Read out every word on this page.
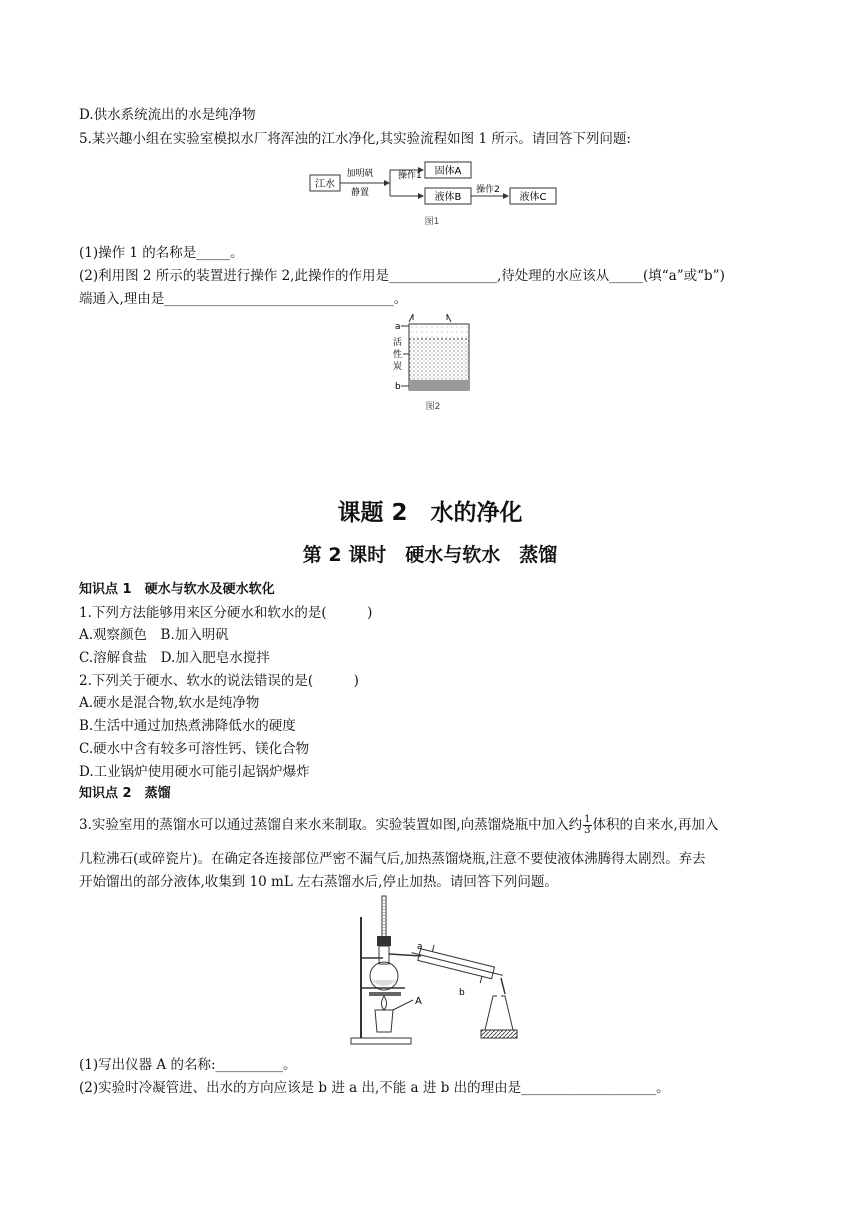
D.供水系统流出的水是纯净物
5.某兴趣小组在实验室模拟水厂将浑浊的江水净化,其实验流程如图 1 所示。请回答下列问题:
江水
加明矾
静置
操作1 固体A
液体B
操作2
液体C
图1
(1)操作 1 的名称是_____。
(2)利用图 2 所示的装置进行操作 2,此操作的作用是________________,待处理的水应该从_____(填“a”或“b”)
端通入,理由是__________________________________。
a
活
性
炭
b
图2
课题 2　水的净化
第 2 课时　硬水与软水　蒸馏
知识点 1　硬水与软水及硬水软化
1.下列方法能够用来区分硬水和软水的是(　　　)
A.观察颜色　B.加入明矾
C.溶解食盐　D.加入肥皂水搅拌
2.下列关于硬水、软水的说法错误的是(　　　)
A.硬水是混合物,软水是纯净物
B.生活中通过加热煮沸降低水的硬度
C.硬水中含有较多可溶性钙、镁化合物
D.工业锅炉使用硬水可能引起锅炉爆炸
知识点 2　蒸馏
3.实验室用的蒸馏水可以通过蒸馏自来水来制取。实验装置如图,向蒸馏烧瓶中加入约 $\frac{1}{3}$ 体积的自来水,再加入
几粒沸石(或碎瓷片)。在确定各连接部位严密不漏气后,加热蒸馏烧瓶,注意不要使液体沸腾得太剧烈。弃去
开始馏出的部分液体,收集到 10 mL 左右蒸馏水后,停止加热。请回答下列问题。
a
b
A
(1)写出仪器 A 的名称:__________。
(2)实验时冷凝管进、出水的方向应该是 b 进 a 出,不能 a 进 b 出的理由是____________________。
